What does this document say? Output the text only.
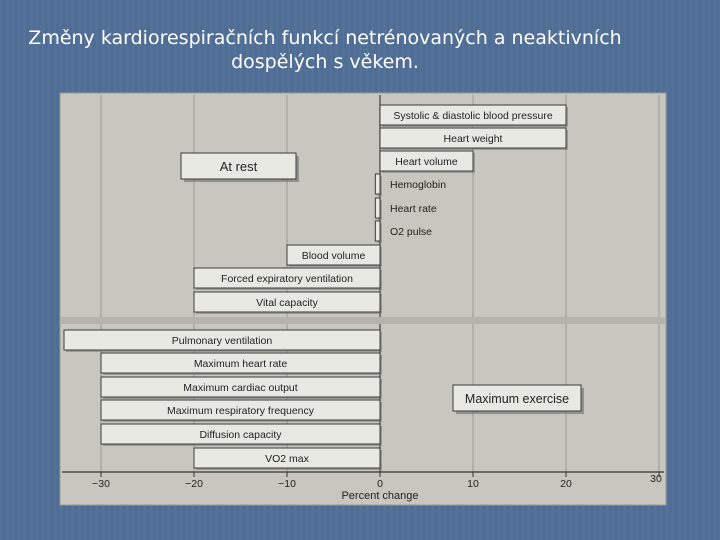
Změny kardiorespiračních funkcí netrénovaných a neaktivních
dospělých s věkem.
Systolic & diastolic blood pressure
Heart weight
Heart volume
Hemoglobin
Heart rate
O2 pulse
Blood volume
Forced expiratory ventilation
Vital capacity
Pulmonary ventilation
Maximum heart rate
Maximum cardiac output
Maximum respiratory frequency
Diffusion capacity
VO2 max
At rest
Maximum exercise
−30	−20	−10	0	10	20	30
Percent change
